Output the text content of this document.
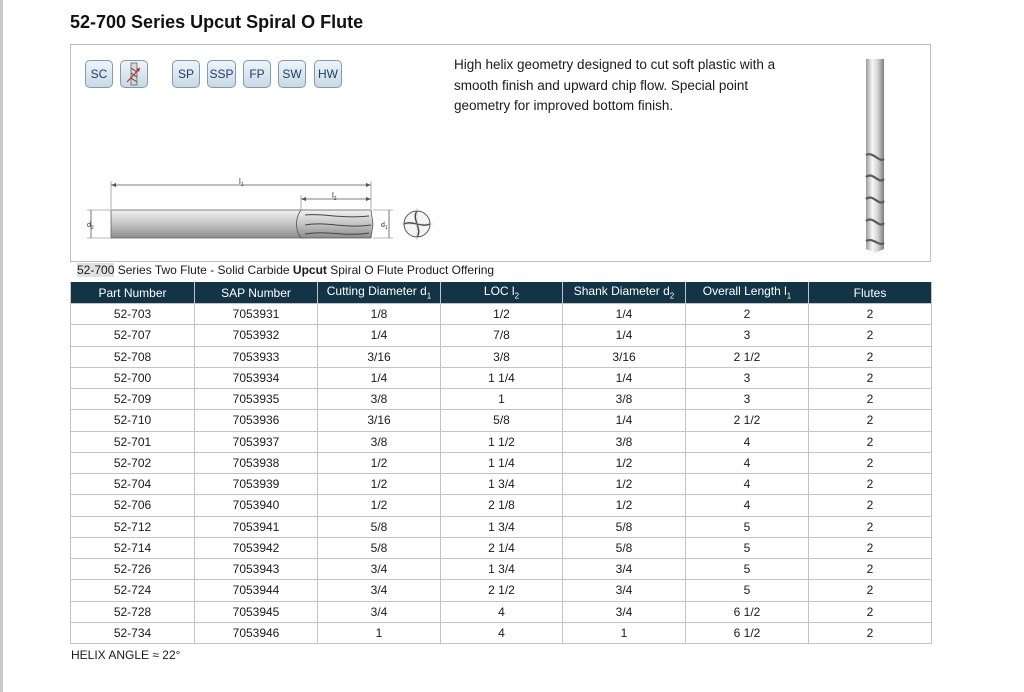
52-700 Series Upcut Spiral O Flute
SC	SP	SSP	FP	SW	HW
High helix geometry designed to cut soft plastic with a smooth finish and upward chip flow. Special point geometry for improved bottom finish.
$l_1$
$l_2$
$d_2$	$d_1$
52-700 Series Two Flute - Solid Carbide Upcut Spiral O Flute Product Offering
Part Number	SAP Number	Cutting Diameter $d_1$	LOC $l_2$	Shank Diameter $d_2$	Overall Length $l_1$	Flutes
52-703	7053931	1/8	1/2	1/4	2	2
52-707	7053932	1/4	7/8	1/4	3	2
52-708	7053933	3/16	3/8	3/16	2 1/2	2
52-700	7053934	1/4	1 1/4	1/4	3	2
52-709	7053935	3/8	1	3/8	3	2
52-710	7053936	3/16	5/8	1/4	2 1/2	2
52-701	7053937	3/8	1 1/2	3/8	4	2
52-702	7053938	1/2	1 1/4	1/2	4	2
52-704	7053939	1/2	1 3/4	1/2	4	2
52-706	7053940	1/2	2 1/8	1/2	4	2
52-712	7053941	5/8	1 3/4	5/8	5	2
52-714	7053942	5/8	2 1/4	5/8	5	2
52-726	7053943	3/4	1 3/4	3/4	5	2
52-724	7053944	3/4	2 1/2	3/4	5	2
52-728	7053945	3/4	4	3/4	6 1/2	2
52-734	7053946	1	4	1	6 1/2	2
HELIX ANGLE ≈ 22°
